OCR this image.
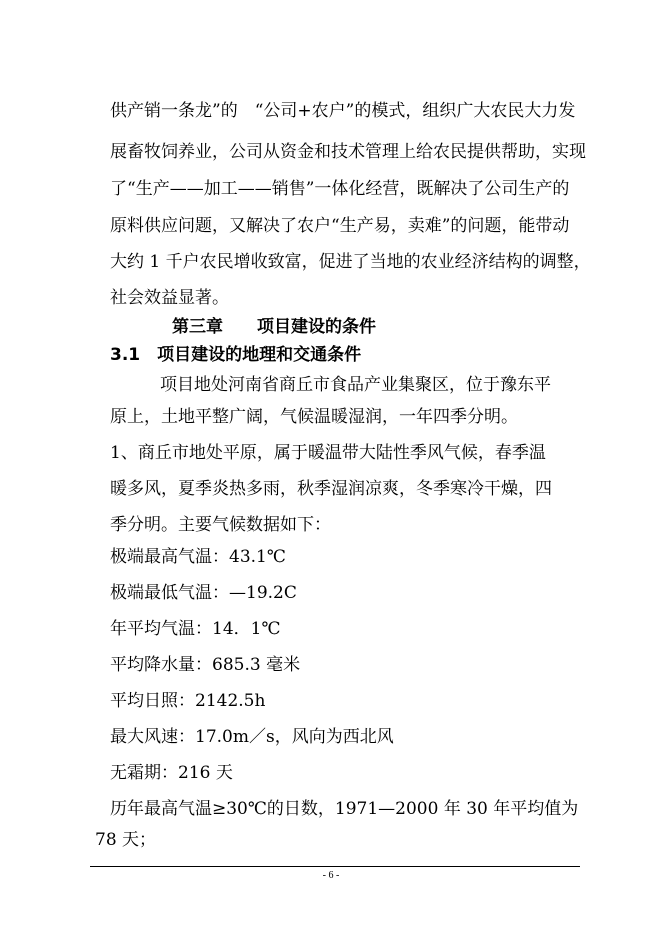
供产销一条龙”的　“公司+农户”的模式，组织广大农民大力发
展畜牧饲养业，公司从资金和技术管理上给农民提供帮助，实现
了“生产——加工——销售”一体化经营，既解决了公司生产的
原料供应问题，又解决了农户“生产易，卖难”的问题，能带动
大约 1 千户农民增收致富，促进了当地的农业经济结构的调整，
社会效益显著。
第三章　　项目建设的条件
3.1　项目建设的地理和交通条件
项目地处河南省商丘市食品产业集聚区，位于豫东平
原上，土地平整广阔，气候温暖湿润，一年四季分明。
1、商丘市地处平原，属于暖温带大陆性季风气候，春季温
暖多风，夏季炎热多雨，秋季湿润凉爽，冬季寒冷干燥，四
季分明。主要气候数据如下：
极端最高气温：43.1℃
极端最低气温：—19.2C
年平均气温：14．1℃
平均降水量：685.3 毫米
平均日照：2142.5h
最大风速：17.0m／s，风向为西北风
无霜期：216 天
历年最高气温≥30℃的日数，1971—2000 年 30 年平均值为
78 天；
- 6 -
